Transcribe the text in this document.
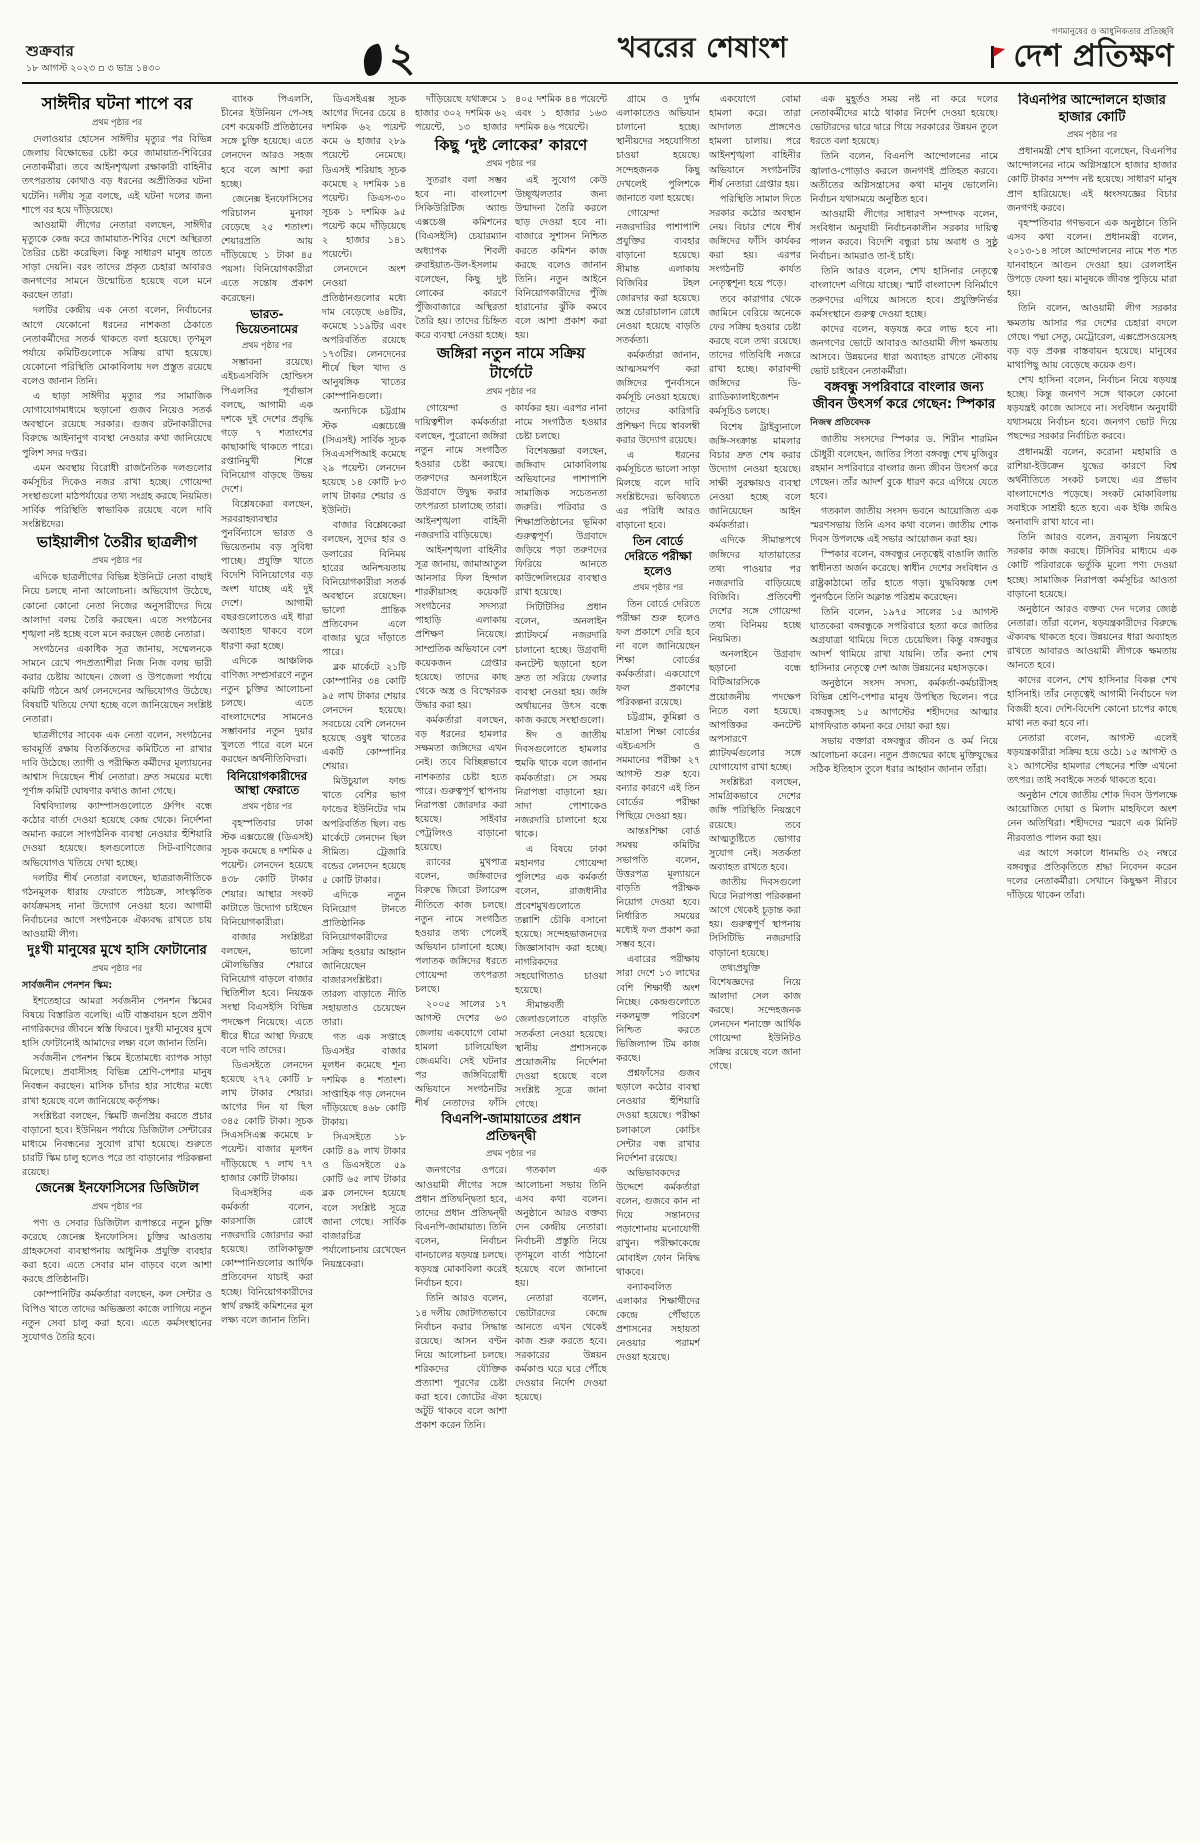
শুক্রবার
১৮ আগস্ট ২০২৩ ▫ ৩ ভাদ্র ১৪৩০	২	খবরের শেষাংশ	গণমানুষের ও আধুনিকতার প্রতিচ্ছবি
দেশ প্রতিক্ষণ
সাঈদীর ঘটনা শাপে বর
প্রথম পৃষ্ঠার পর

দেলাওয়ার হোসেন সাঈদীর মৃত্যুর পর বিভিন্ন জেলায় বিক্ষোভের চেষ্টা করে জামায়াত-শিবিরের নেতাকর্মীরা। তবে আইনশৃঙ্খলা রক্ষাকারী বাহিনীর তৎপরতায় কোথাও বড় ধরনের অপ্রীতিকর ঘটনা ঘটেনি। দলীয় সূত্র বলছে, এই ঘটনা দলের জন্য শাপে বর হয়ে দাঁড়িয়েছে।

আওয়ামী লীগের নেতারা বলছেন, সাঈদীর মৃত্যুকে কেন্দ্র করে জামায়াত-শিবির দেশে অস্থিরতা তৈরির চেষ্টা করেছিল। কিন্তু সাধারণ মানুষ তাতে সাড়া দেয়নি। বরং তাদের প্রকৃত চেহারা আবারও জনগণের সামনে উন্মোচিত হয়েছে বলে মনে করছেন তারা।

দলটির কেন্দ্রীয় এক নেতা বলেন, নির্বাচনের আগে যেকোনো ধরনের নাশকতা ঠেকাতে নেতাকর্মীদের সতর্ক থাকতে বলা হয়েছে। তৃণমূল পর্যায়ে কমিটিগুলোকে সক্রিয় রাখা হয়েছে। যেকোনো পরিস্থিতি মোকাবিলায় দল প্রস্তুত রয়েছে বলেও জানান তিনি।

এ ছাড়া সাঈদীর মৃত্যুর পর সামাজিক যোগাযোগমাধ্যমে ছড়ানো গুজব নিয়েও সতর্ক অবস্থানে রয়েছে সরকার। গুজব রটনাকারীদের বিরুদ্ধে আইনানুগ ব্যবস্থা নেওয়ার কথা জানিয়েছে পুলিশ সদর দপ্তর।

এমন অবস্থায় বিরোধী রাজনৈতিক দলগুলোর কর্মসূচির দিকেও নজর রাখা হচ্ছে। গোয়েন্দা সংস্থাগুলো মাঠপর্যায়ের তথ্য সংগ্রহ করছে নিয়মিত। সার্বিক পরিস্থিতি স্বাভাবিক রয়েছে বলে দাবি সংশ্লিষ্টদের।

ভাইয়ালীগ তৈরীর ছাত্রলীগ
প্রথম পৃষ্ঠার পর

এদিকে ছাত্রলীগের বিভিন্ন ইউনিটে নেতা বাছাই নিয়ে চলছে নানা আলোচনা। অভিযোগ উঠেছে, কোনো কোনো নেতা নিজের অনুসারীদের দিয়ে আলাদা বলয় তৈরি করছেন। এতে সংগঠনের শৃঙ্খলা নষ্ট হচ্ছে বলে মনে করছেন জ্যেষ্ঠ নেতারা।

সংগঠনের একাধিক সূত্র জানায়, সম্মেলনকে সামনে রেখে পদপ্রত্যাশীরা নিজ নিজ বলয় ভারী করার চেষ্টায় আছেন। জেলা ও উপজেলা পর্যায়ে কমিটি গঠনে অর্থ লেনদেনের অভিযোগও উঠেছে। বিষয়টি খতিয়ে দেখা হচ্ছে বলে জানিয়েছেন সংশ্লিষ্ট নেতারা।

ছাত্রলীগের সাবেক এক নেতা বলেন, সংগঠনের ভাবমূর্তি রক্ষায় বিতর্কিতদের কমিটিতে না রাখার দাবি উঠেছে। ত্যাগী ও পরীক্ষিত কর্মীদের মূল্যায়নের আশ্বাস দিয়েছেন শীর্ষ নেতারা। দ্রুত সময়ের মধ্যে পূর্ণাঙ্গ কমিটি ঘোষণার কথাও জানা গেছে।

বিশ্ববিদ্যালয় ক্যাম্পাসগুলোতে গ্রুপিং বন্ধে কঠোর বার্তা দেওয়া হয়েছে কেন্দ্র থেকে। নির্দেশনা অমান্য করলে সাংগঠনিক ব্যবস্থা নেওয়ার হুঁশিয়ারি দেওয়া হয়েছে। হলগুলোতে সিট-বাণিজ্যের অভিযোগও খতিয়ে দেখা হচ্ছে।

দলটির শীর্ষ নেতারা বলছেন, ছাত্ররাজনীতিকে গঠনমূলক ধারায় ফেরাতে পাঠচক্র, সাংস্কৃতিক কার্যক্রমসহ নানা উদ্যোগ নেওয়া হবে। আগামী নির্বাচনের আগে সংগঠনকে ঐক্যবদ্ধ রাখতে চায় আওয়ামী লীগ।

দুঃখী মানুষের মুখে হাসি ফোটানোর
প্রথম পৃষ্ঠার পর
সার্বজনীন পেনশন স্কিম:

ইশতেহারে আমরা সর্বজনীন পেনশন স্কিমের বিষয়ে বিস্তারিত বলেছি। এটি বাস্তবায়ন হলে প্রবীণ নাগরিকদের জীবনে স্বস্তি ফিরবে। দুঃখী মানুষের মুখে হাসি ফোটানোই আমাদের লক্ষ্য বলে জানান তিনি।

সর্বজনীন পেনশন স্কিমে ইতোমধ্যে ব্যাপক সাড়া মিলেছে। প্রবাসীসহ বিভিন্ন শ্রেণি-পেশার মানুষ নিবন্ধন করছেন। মাসিক চাঁদার হার সাধ্যের মধ্যে রাখা হয়েছে বলে জানিয়েছে কর্তৃপক্ষ।

সংশ্লিষ্টরা বলছেন, স্কিমটি জনপ্রিয় করতে প্রচার বাড়ানো হবে। ইউনিয়ন পর্যায়ে ডিজিটাল সেন্টারের মাধ্যমে নিবন্ধনের সুযোগ রাখা হয়েছে। শুরুতে চারটি স্কিম চালু হলেও পরে তা বাড়ানোর পরিকল্পনা রয়েছে।

জেনেক্স ইনফোসিসের ডিজিটাল
প্রথম পৃষ্ঠার পর

পণ্য ও সেবার ডিজিটাল রূপান্তরে নতুন চুক্তি করেছে জেনেক্স ইনফোসিস। চুক্তির আওতায় গ্রাহকসেবা ব্যবস্থাপনায় আধুনিক প্রযুক্তি ব্যবহার করা হবে। এতে সেবার মান বাড়বে বলে আশা করছে প্রতিষ্ঠানটি।

কোম্পানিটির কর্মকর্তারা বলছেন, কল সেন্টার ও বিপিও খাতে তাদের অভিজ্ঞতা কাজে লাগিয়ে নতুন নতুন সেবা চালু করা হবে। এতে কর্মসংস্থানের সুযোগও তৈরি হবে।

ব্যাংক পিএলসি, চীনের ইউনিয়ন পে-সহ বেশ কয়েকটি প্রতিষ্ঠানের সঙ্গে চুক্তি হয়েছে। এতে লেনদেন আরও সহজ হবে বলে আশা করা হচ্ছে।

জেনেক্স ইনফোসিসের পরিচালন মুনাফা বেড়েছে ২৫ শতাংশ। শেয়ারপ্রতি আয় দাঁড়িয়েছে ১ টাকা ৪৫ পয়সা। বিনিয়োগকারীরা এতে সন্তোষ প্রকাশ করেছেন।

ভারত-ভিয়েতনামের
প্রথম পৃষ্ঠার পর

সম্ভাবনা রয়েছে। এইচএসবিসি হোল্ডিংস পিএলসির পূর্বাভাস বলছে, আগামী এক দশকে দুই দেশের প্রবৃদ্ধি গড়ে ৭ শতাংশের কাছাকাছি থাকতে পারে। রপ্তানিমুখী শিল্পে বিনিয়োগ বাড়ছে উভয় দেশে।

বিশ্লেষকেরা বলছেন, সরবরাহব্যবস্থার পুনর্বিন্যাসে ভারত ও ভিয়েতনাম বড় সুবিধা পাচ্ছে। প্রযুক্তি খাতে বিদেশি বিনিয়োগের বড় অংশ যাচ্ছে এই দুই দেশে। আগামী বছরগুলোতেও এই ধারা অব্যাহত থাকবে বলে ধারণা করা হচ্ছে।

এদিকে আঞ্চলিক বাণিজ্য সম্প্রসারণে নতুন নতুন চুক্তির আলোচনা চলছে। এতে বাংলাদেশের সামনেও সম্ভাবনার নতুন দুয়ার খুলতে পারে বলে মনে করছেন অর্থনীতিবিদরা।

বিনিয়োগকারীদের আস্থা ফেরাতে
প্রথম পৃষ্ঠার পর

বৃহস্পতিবার ঢাকা স্টক এক্সচেঞ্জে (ডিএসই) সূচক কমেছে ৪ দশমিক ৫ পয়েন্ট। লেনদেন হয়েছে ৪৩৮ কোটি টাকার শেয়ার। আস্থার সংকট কাটাতে উদ্যোগ চাইছেন বিনিয়োগকারীরা।

বাজার সংশ্লিষ্টরা বলছেন, ভালো মৌলভিত্তির শেয়ারে বিনিয়োগ বাড়লে বাজার স্থিতিশীল হবে। নিয়ন্ত্রক সংস্থা বিএসইসি বিভিন্ন পদক্ষেপ নিয়েছে। এতে ধীরে ধীরে আস্থা ফিরছে বলে দাবি তাদের।

ডিএসইতে লেনদেন হয়েছে ২৭২ কোটি ৮ লাখ টাকার শেয়ার। আগের দিন যা ছিল ৩৪৫ কোটি টাকা। সূচক সিএসসিএক্স কমেছে ৮ পয়েন্ট। বাজার মূলধন দাঁড়িয়েছে ৭ লাখ ৭৭ হাজার কোটি টাকায়।

বিএসইসির এক কর্মকর্তা বলেন, কারসাজি রোধে নজরদারি জোরদার করা হয়েছে। তালিকাভুক্ত কোম্পানিগুলোর আর্থিক প্রতিবেদন যাচাই করা হচ্ছে। বিনিয়োগকারীদের স্বার্থ রক্ষাই কমিশনের মূল লক্ষ্য বলে জানান তিনি।

ডিএসইএক্স সূচক আগের দিনের চেয়ে ৪ দশমিক ৬২ পয়েন্ট কমে ৬ হাজার ২৮৯ পয়েন্টে নেমেছে। ডিএসই শরিয়াহ সূচক কমেছে ২ দশমিক ১৪ পয়েন্ট। ডিএস-৩০ সূচক ১ দশমিক ৯৫ পয়েন্ট কমে দাঁড়িয়েছে ২ হাজার ১৪১ পয়েন্টে।

লেনদেনে অংশ নেওয়া প্রতিষ্ঠানগুলোর মধ্যে দাম বেড়েছে ৬৪টির, কমেছে ১১৯টির এবং অপরিবর্তিত রয়েছে ১৭৩টির। লেনদেনের শীর্ষে ছিল খাদ্য ও আনুষঙ্গিক খাতের কোম্পানিগুলো।

অন্যদিকে চট্টগ্রাম স্টক এক্সচেঞ্জে (সিএসই) সার্বিক সূচক সিএএসপিআই কমেছে ২৯ পয়েন্ট। লেনদেন হয়েছে ১৪ কোটি ৮৩ লাখ টাকার শেয়ার ও ইউনিট।

বাজার বিশ্লেষকেরা বলছেন, সুদের হার ও ডলারের বিনিময় হারের অনিশ্চয়তায় বিনিয়োগকারীরা সতর্ক অবস্থানে রয়েছেন। ভালো প্রান্তিক প্রতিবেদন এলে বাজার ঘুরে দাঁড়াতে পারে।

ব্লক মার্কেটে ২১টি কোম্পানির ৩৪ কোটি ৯৫ লাখ টাকার শেয়ার লেনদেন হয়েছে। সবচেয়ে বেশি লেনদেন হয়েছে ওষুধ খাতের একটি কোম্পানির শেয়ার।

মিউচুয়াল ফান্ড খাতে বেশির ভাগ ফান্ডের ইউনিটের দাম অপরিবর্তিত ছিল। বন্ড মার্কেটে লেনদেন ছিল সীমিত। ট্রেজারি বন্ডের লেনদেন হয়েছে ৫ কোটি টাকার।

এদিকে নতুন বিনিয়োগ টানতে প্রাতিষ্ঠানিক বিনিয়োগকারীদের সক্রিয় হওয়ার আহ্বান জানিয়েছেন বাজারসংশ্লিষ্টরা। তারল্য বাড়াতে নীতি সহায়তাও চেয়েছেন তারা।

গত এক সপ্তাহে ডিএসইর বাজার মূলধন কমেছে শূন্য দশমিক ৪ শতাংশ। সাপ্তাহিক গড় লেনদেন দাঁড়িয়েছে ৪৬৮ কোটি টাকায়।

সিএসইতে ১৮ কোটি ৪৯ লাখ টাকার ও ডিএসইতে ৫৯ কোটি ৬৫ লাখ টাকার ব্লক লেনদেন হয়েছে বলে সংশ্লিষ্ট সূত্রে জানা গেছে। সার্বিক বাজারচিত্র পর্যালোচনায় রেখেছেন নিয়ন্ত্রকেরা।

দাঁড়িয়েছে যথাক্রমে ১ হাজার ৩০২ দশমিক ৬২ পয়েন্টে, ১৩ হাজার ৪০৫ দশমিক ৪৪ পয়েন্টে এবং ১ হাজার ১৬৩ দশমিক ৪৬ পয়েন্টে।

কিছু ‘দুষ্ট লোকের’ কারণে
প্রথম পৃষ্ঠার পর

সুতরাং বলা সম্ভব হবে না। বাংলাদেশ সিকিউরিটিজ অ্যান্ড এক্সচেঞ্জ কমিশনের (বিএসইসি) চেয়ারম্যান অধ্যাপক শিবলী রুবাইয়াত-উল-ইসলাম বলেছেন, কিছু দুষ্ট লোকের কারণে পুঁজিবাজারে অস্থিরতা তৈরি হয়। তাদের চিহ্নিত করে ব্যবস্থা নেওয়া হচ্ছে।

এই সুযোগ কেউ উচ্ছৃঙ্খলতার জন্য উন্মাদনা তৈরি করলে ছাড় দেওয়া হবে না। বাজারে সুশাসন নিশ্চিত করতে কমিশন কাজ করছে বলেও জানান তিনি। নতুন আইনে বিনিয়োগকারীদের পুঁজি হারানোর ঝুঁকি কমবে বলে আশা প্রকাশ করা হয়।

জঙ্গিরা নতুন নামে সক্রিয় টার্গেটে
প্রথম পৃষ্ঠার পর

গোয়েন্দা ও দায়িত্বশীল কর্মকর্তারা বলছেন, পুরোনো জঙ্গিরা নতুন নামে সংগঠিত হওয়ার চেষ্টা করছে। তরুণদের অনলাইনে উগ্রবাদে উদ্বুদ্ধ করার তৎপরতা চালাচ্ছে তারা। আইনশৃঙ্খলা বাহিনী নজরদারি বাড়িয়েছে।

আইনশৃঙ্খলা বাহিনীর সূত্র জানায়, জামাআতুল আনসার ফিল হিন্দাল শারক্বীয়াসহ কয়েকটি সংগঠনের সদস্যরা পাহাড়ি এলাকায় প্রশিক্ষণ নিয়েছে। সাম্প্রতিক অভিযানে বেশ কয়েকজন গ্রেপ্তার হয়েছে। তাদের কাছ থেকে অস্ত্র ও বিস্ফোরক উদ্ধার করা হয়।

কর্মকর্তারা বলছেন, বড় ধরনের হামলার সক্ষমতা জঙ্গিদের এখন নেই। তবে বিচ্ছিন্নভাবে নাশকতার চেষ্টা হতে পারে। গুরুত্বপূর্ণ স্থাপনায় নিরাপত্তা জোরদার করা হয়েছে। সাইবার পেট্রলিংও বাড়ানো হয়েছে।

র‍্যাবের মুখপাত্র বলেন, জঙ্গিবাদের বিরুদ্ধে জিরো টলারেন্স নীতিতে কাজ চলছে। নতুন নামে সংগঠিত হওয়ার তথ্য পেলেই অভিযান চালানো হচ্ছে। পলাতক জঙ্গিদের ধরতে গোয়েন্দা তৎপরতা চলছে।

২০০৫ সালের ১৭ আগস্ট দেশের ৬৩ জেলায় একযোগে বোমা হামলা চালিয়েছিল জেএমবি। সেই ঘটনার পর জঙ্গিবিরোধী অভিযানে সংগঠনটির শীর্ষ নেতাদের ফাঁসি কার্যকর হয়। এরপর নানা নামে সংগঠিত হওয়ার চেষ্টা চলছে।

বিশেষজ্ঞরা বলছেন, জঙ্গিবাদ মোকাবিলায় অভিযানের পাশাপাশি সামাজিক সচেতনতা জরুরি। পরিবার ও শিক্ষাপ্রতিষ্ঠানের ভূমিকা গুরুত্বপূর্ণ। উগ্রবাদে জড়িয়ে পড়া তরুণদের ফিরিয়ে আনতে কাউন্সেলিংয়ের ব্যবস্থাও রাখা হয়েছে।

সিটিটিসির প্রধান বলেন, অনলাইন প্ল্যাটফর্মে নজরদারি চালানো হচ্ছে। উগ্রবাদী কনটেন্ট ছড়ানো হলে দ্রুত তা সরিয়ে ফেলার ব্যবস্থা নেওয়া হয়। জঙ্গি অর্থায়নের উৎস বন্ধে কাজ করছে সংস্থাগুলো।

ঈদ ও জাতীয় দিবসগুলোতে হামলার হুমকি থাকে বলে জানান কর্মকর্তারা। সে সময় নিরাপত্তা বাড়ানো হয়। সাদা পোশাকেও নজরদারি চালানো হয়ে থাকে।

এ বিষয়ে ঢাকা মহানগর গোয়েন্দা পুলিশের এক কর্মকর্তা বলেন, রাজধানীর প্রবেশমুখগুলোতে তল্লাশি চৌকি বসানো হয়েছে। সন্দেহভাজনদের জিজ্ঞাসাবাদ করা হচ্ছে। নাগরিকদের সহযোগিতাও চাওয়া হয়েছে।

সীমান্তবর্তী জেলাগুলোতে বাড়তি সতর্কতা নেওয়া হয়েছে। স্থানীয় প্রশাসনকে প্রয়োজনীয় নির্দেশনা দেওয়া হয়েছে বলে সংশ্লিষ্ট সূত্রে জানা গেছে।

বিএনপি-জামায়াতের প্রধান প্রতিদ্বন্দ্বী
প্রথম পৃষ্ঠার পর

জনগণের ওপরে। আওয়ামী লীগের সঙ্গে প্রধান প্রতিদ্বন্দ্বিতা হবে, তাদের প্রধান প্রতিদ্বন্দ্বী বিএনপি-জামায়াত। তিনি বলেন, নির্বাচন বানচালের ষড়যন্ত্র চলছে। ষড়যন্ত্র মোকাবিলা করেই নির্বাচন হবে।

তিনি আরও বলেন, ১৪ দলীয় জোটগতভাবে নির্বাচন করার সিদ্ধান্ত রয়েছে। আসন বণ্টন নিয়ে আলোচনা চলছে। শরিকদের যৌক্তিক প্রত্যাশা পূরণের চেষ্টা করা হবে। জোটের ঐক্য অটুট থাকবে বলে আশা প্রকাশ করেন তিনি।

গতকাল এক আলোচনা সভায় তিনি এসব কথা বলেন। অনুষ্ঠানে আরও বক্তব্য দেন কেন্দ্রীয় নেতারা। নির্বাচনী প্রস্তুতি নিয়ে তৃণমূলে বার্তা পাঠানো হয়েছে বলে জানানো হয়।

নেতারা বলেন, ভোটারদের কেন্দ্রে আনতে এখন থেকেই কাজ শুরু করতে হবে। সরকারের উন্নয়ন কর্মকাণ্ড ঘরে ঘরে পৌঁছে দেওয়ার নির্দেশ দেওয়া হয়েছে।

গ্রামে ও দুর্গম এলাকাতেও অভিযান চালানো হচ্ছে। স্থানীয়দের সহযোগিতা চাওয়া হয়েছে। সন্দেহজনক কিছু দেখলেই পুলিশকে জানাতে বলা হয়েছে।

গোয়েন্দা নজরদারির পাশাপাশি প্রযুক্তির ব্যবহার বাড়ানো হয়েছে। সীমান্ত এলাকায় বিজিবির টহল জোরদার করা হয়েছে। অস্ত্র চোরাচালান রোধে নেওয়া হয়েছে বাড়তি সতর্কতা।

কর্মকর্তারা জানান, আত্মসমর্পণ করা জঙ্গিদের পুনর্বাসনে কর্মসূচি নেওয়া হয়েছে। তাদের কারিগরি প্রশিক্ষণ দিয়ে স্বাবলম্বী করার উদ্যোগ রয়েছে।

এ ধরনের কর্মসূচিতে ভালো সাড়া মিলছে বলে দাবি সংশ্লিষ্টদের। ভবিষ্যতে এর পরিধি আরও বাড়ানো হবে।

তিন বোর্ডে দেরিতে পরীক্ষা হলেও
প্রথম পৃষ্ঠার পর

তিন বোর্ডে দেরিতে পরীক্ষা শুরু হলেও ফল প্রকাশে দেরি হবে না বলে জানিয়েছেন শিক্ষা বোর্ডের কর্মকর্তারা। একযোগে ফল প্রকাশের পরিকল্পনা রয়েছে।

চট্টগ্রাম, কুমিল্লা ও মাদ্রাসা শিক্ষা বোর্ডের এইচএসসি ও সমমানের পরীক্ষা ২৭ আগস্ট শুরু হবে। বন্যার কারণে এই তিন বোর্ডের পরীক্ষা পিছিয়ে দেওয়া হয়।

আন্তঃশিক্ষা বোর্ড সমন্বয় কমিটির সভাপতি বলেন, উত্তরপত্র মূল্যায়নে বাড়তি পরীক্ষক নিয়োগ দেওয়া হবে। নির্ধারিত সময়ের মধ্যেই ফল প্রকাশ করা সম্ভব হবে।

এবারের পরীক্ষায় সারা দেশে ১৩ লাখের বেশি শিক্ষার্থী অংশ নিচ্ছে। কেন্দ্রগুলোতে নকলমুক্ত পরিবেশ নিশ্চিত করতে ভিজিল্যান্স টিম কাজ করছে।

প্রশ্নফাঁসের গুজব ছড়ালে কঠোর ব্যবস্থা নেওয়ার হুঁশিয়ারি দেওয়া হয়েছে। পরীক্ষা চলাকালে কোচিং সেন্টার বন্ধ রাখার নির্দেশনা রয়েছে।

অভিভাবকদের উদ্দেশে কর্মকর্তারা বলেন, গুজবে কান না দিয়ে সন্তানদের পড়াশোনায় মনোযোগী রাখুন। পরীক্ষাকেন্দ্রে মোবাইল ফোন নিষিদ্ধ থাকবে।

বন্যাকবলিত এলাকার শিক্ষার্থীদের কেন্দ্রে পৌঁছাতে প্রশাসনের সহায়তা নেওয়ার পরামর্শ দেওয়া হয়েছে।

একযোগে বোমা হামলা করে। তারা আদালত প্রাঙ্গণেও হামলা চালায়। পরে আইনশৃঙ্খলা বাহিনীর অভিযানে সংগঠনটির শীর্ষ নেতারা গ্রেপ্তার হয়।

পরিস্থিতি সামাল দিতে সরকার কঠোর অবস্থান নেয়। বিচার শেষে শীর্ষ জঙ্গিদের ফাঁসি কার্যকর করা হয়। এরপর সংগঠনটি কার্যত নেতৃত্বশূন্য হয়ে পড়ে।

তবে কারাগার থেকে জামিনে বেরিয়ে অনেকে ফের সক্রিয় হওয়ার চেষ্টা করছে বলে তথ্য রয়েছে। তাদের গতিবিধি নজরে রাখা হচ্ছে। কারাবন্দী জঙ্গিদের ডি-র‍্যাডিক্যালাইজেশন কর্মসূচিও চলছে।

বিশেষ ট্রাইব্যুনালে জঙ্গি-সংক্রান্ত মামলার বিচার দ্রুত শেষ করার উদ্যোগ নেওয়া হয়েছে। সাক্ষী সুরক্ষায়ও ব্যবস্থা নেওয়া হচ্ছে বলে জানিয়েছেন আইন কর্মকর্তারা।

এদিকে সীমান্তপথে জঙ্গিদের যাতায়াতের তথ্য পাওয়ার পর নজরদারি বাড়িয়েছে বিজিবি। প্রতিবেশী দেশের সঙ্গে গোয়েন্দা তথ্য বিনিময় হচ্ছে নিয়মিত।

অনলাইনে উগ্রবাদ ছড়ানো বন্ধে বিটিআরসিকে প্রয়োজনীয় পদক্ষেপ নিতে বলা হয়েছে। আপত্তিকর কনটেন্ট অপসারণে প্ল্যাটফর্মগুলোর সঙ্গে যোগাযোগ রাখা হচ্ছে।

সংশ্লিষ্টরা বলছেন, সামগ্রিকভাবে দেশের জঙ্গি পরিস্থিতি নিয়ন্ত্রণে রয়েছে। তবে আত্মতুষ্টিতে ভোগার সুযোগ নেই। সতর্কতা অব্যাহত রাখতে হবে।

জাতীয় দিবসগুলো ঘিরে নিরাপত্তা পরিকল্পনা আগে থেকেই চূড়ান্ত করা হয়। গুরুত্বপূর্ণ স্থাপনায় সিসিটিভি নজরদারি বাড়ানো হয়েছে।

তথ্যপ্রযুক্তি বিশেষজ্ঞদের নিয়ে আলাদা সেল কাজ করছে। সন্দেহজনক লেনদেন শনাক্তে আর্থিক গোয়েন্দা ইউনিটও সক্রিয় রয়েছে বলে জানা গেছে।

এক মুহূর্তও সময় নষ্ট না করে দলের নেতাকর্মীদের মাঠে থাকার নির্দেশ দেওয়া হয়েছে। ভোটারদের দ্বারে দ্বারে গিয়ে সরকারের উন্নয়ন তুলে ধরতে বলা হয়েছে।

তিনি বলেন, বিএনপি আন্দোলনের নামে জ্বালাও-পোড়াও করলে জনগণই প্রতিহত করবে। অতীতের অগ্নিসন্ত্রাসের কথা মানুষ ভোলেনি। নির্বাচন যথাসময়ে অনুষ্ঠিত হবে।

আওয়ামী লীগের সাধারণ সম্পাদক বলেন, সংবিধান অনুযায়ী নির্বাচনকালীন সরকার দায়িত্ব পালন করবে। বিদেশি বন্ধুরা চায় অবাধ ও সুষ্ঠু নির্বাচন। আমরাও তা-ই চাই।

তিনি আরও বলেন, শেখ হাসিনার নেতৃত্বে বাংলাদেশ এগিয়ে যাচ্ছে। স্মার্ট বাংলাদেশ বিনির্মাণে তরুণদের এগিয়ে আসতে হবে। প্রযুক্তিনির্ভর কর্মসংস্থানে গুরুত্ব দেওয়া হচ্ছে।

কাদের বলেন, ষড়যন্ত্র করে লাভ হবে না। জনগণের ভোটে আবারও আওয়ামী লীগ ক্ষমতায় আসবে। উন্নয়নের ধারা অব্যাহত রাখতে নৌকায় ভোট চাইবেন নেতাকর্মীরা।

বঙ্গবন্ধু সপরিবারে বাংলার জন্য জীবন উৎসর্গ করে গেছেন: স্পিকার
নিজস্ব প্রতিবেদক

জাতীয় সংসদের স্পিকার ড. শিরীন শারমিন চৌধুরী বলেছেন, জাতির পিতা বঙ্গবন্ধু শেখ মুজিবুর রহমান সপরিবারে বাংলার জন্য জীবন উৎসর্গ করে গেছেন। তাঁর আদর্শ বুকে ধারণ করে এগিয়ে যেতে হবে।

গতকাল জাতীয় সংসদ ভবনে আয়োজিত এক স্মরণসভায় তিনি এসব কথা বলেন। জাতীয় শোক দিবস উপলক্ষে এই সভার আয়োজন করা হয়।

স্পিকার বলেন, বঙ্গবন্ধুর নেতৃত্বেই বাঙালি জাতি স্বাধীনতা অর্জন করেছে। স্বাধীন দেশের সংবিধান ও রাষ্ট্রকাঠামো তাঁর হাতে গড়া। যুদ্ধবিধ্বস্ত দেশ পুনর্গঠনে তিনি অক্লান্ত পরিশ্রম করেছেন।

তিনি বলেন, ১৯৭৫ সালের ১৫ আগস্ট ঘাতকেরা বঙ্গবন্ধুকে সপরিবারে হত্যা করে জাতির অগ্রযাত্রা থামিয়ে দিতে চেয়েছিল। কিন্তু বঙ্গবন্ধুর আদর্শ থামিয়ে রাখা যায়নি। তাঁর কন্যা শেখ হাসিনার নেতৃত্বে দেশ আজ উন্নয়নের মহাসড়কে।

অনুষ্ঠানে সংসদ সদস্য, কর্মকর্তা-কর্মচারীসহ বিভিন্ন শ্রেণি-পেশার মানুষ উপস্থিত ছিলেন। পরে বঙ্গবন্ধুসহ ১৫ আগস্টের শহীদদের আত্মার মাগফিরাত কামনা করে দোয়া করা হয়।

সভায় বক্তারা বঙ্গবন্ধুর জীবন ও কর্ম নিয়ে আলোচনা করেন। নতুন প্রজন্মের কাছে মুক্তিযুদ্ধের সঠিক ইতিহাস তুলে ধরার আহ্বান জানান তাঁরা।

বিএনপির আন্দোলনে হাজার হাজার কোটি
প্রথম পৃষ্ঠার পর

প্রধানমন্ত্রী শেখ হাসিনা বলেছেন, বিএনপির আন্দোলনের নামে অগ্নিসন্ত্রাসে হাজার হাজার কোটি টাকার সম্পদ নষ্ট হয়েছে। সাধারণ মানুষ প্রাণ হারিয়েছে। এই ধ্বংসযজ্ঞের বিচার জনগণই করবে।

বৃহস্পতিবার গণভবনে এক অনুষ্ঠানে তিনি এসব কথা বলেন। প্রধানমন্ত্রী বলেন, ২০১৩-১৪ সালে আন্দোলনের নামে শত শত যানবাহনে আগুন দেওয়া হয়। রেললাইন উপড়ে ফেলা হয়। মানুষকে জীবন্ত পুড়িয়ে মারা হয়।

তিনি বলেন, আওয়ামী লীগ সরকার ক্ষমতায় আসার পর দেশের চেহারা বদলে গেছে। পদ্মা সেতু, মেট্রোরেল, এক্সপ্রেসওয়েসহ বড় বড় প্রকল্প বাস্তবায়ন হয়েছে। মানুষের মাথাপিছু আয় বেড়েছে কয়েক গুণ।

শেখ হাসিনা বলেন, নির্বাচন নিয়ে ষড়যন্ত্র হচ্ছে। কিন্তু জনগণ সঙ্গে থাকলে কোনো ষড়যন্ত্রই কাজে আসবে না। সংবিধান অনুযায়ী যথাসময়ে নির্বাচন হবে। জনগণ ভোট দিয়ে পছন্দের সরকার নির্বাচিত করবে।

প্রধানমন্ত্রী বলেন, করোনা মহামারি ও রাশিয়া-ইউক্রেন যুদ্ধের কারণে বিশ্ব অর্থনীতিতে সংকট চলছে। এর প্রভাব বাংলাদেশেও পড়েছে। সংকট মোকাবিলায় সবাইকে সাশ্রয়ী হতে হবে। এক ইঞ্চি জমিও অনাবাদি রাখা যাবে না।

তিনি আরও বলেন, দ্রব্যমূল্য নিয়ন্ত্রণে সরকার কাজ করছে। টিসিবির মাধ্যমে এক কোটি পরিবারকে ভর্তুকি মূল্যে পণ্য দেওয়া হচ্ছে। সামাজিক নিরাপত্তা কর্মসূচির আওতা বাড়ানো হয়েছে।

অনুষ্ঠানে আরও বক্তব্য দেন দলের জ্যেষ্ঠ নেতারা। তাঁরা বলেন, ষড়যন্ত্রকারীদের বিরুদ্ধে ঐক্যবদ্ধ থাকতে হবে। উন্নয়নের ধারা অব্যাহত রাখতে আবারও আওয়ামী লীগকে ক্ষমতায় আনতে হবে।

কাদের বলেন, শেখ হাসিনার বিকল্প শেখ হাসিনাই। তাঁর নেতৃত্বেই আগামী নির্বাচনে দল বিজয়ী হবে। দেশি-বিদেশি কোনো চাপের কাছে মাথা নত করা হবে না।

নেতারা বলেন, আগস্ট এলেই ষড়যন্ত্রকারীরা সক্রিয় হয়ে ওঠে। ১৫ আগস্ট ও ২১ আগস্টের হামলার পেছনের শক্তি এখনো তৎপর। তাই সবাইকে সতর্ক থাকতে হবে।

অনুষ্ঠান শেষে জাতীয় শোক দিবস উপলক্ষে আয়োজিত দোয়া ও মিলাদ মাহফিলে অংশ নেন অতিথিরা। শহীদদের স্মরণে এক মিনিট নীরবতাও পালন করা হয়।

এর আগে সকালে ধানমন্ডি ৩২ নম্বরে বঙ্গবন্ধুর প্রতিকৃতিতে শ্রদ্ধা নিবেদন করেন দলের নেতাকর্মীরা। সেখানে কিছুক্ষণ নীরবে দাঁড়িয়ে থাকেন তাঁরা।
